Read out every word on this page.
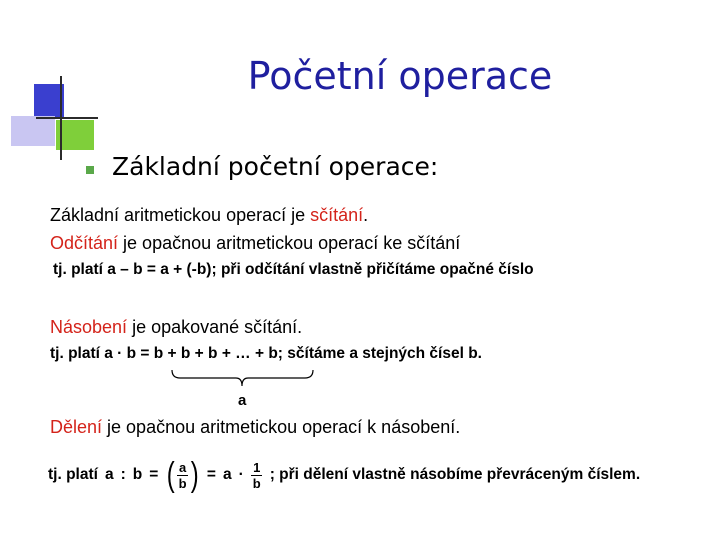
Početní operace
Základní početní operace:
Základní aritmetickou operací je sčítání.
Odčítání je opačnou aritmetickou operací ke sčítání
tj. platí a – b = a + (-b); při odčítání vlastně přičítáme opačné číslo
Násobení je opakované sčítání.
tj. platí a · b = b + b + b + … + b; sčítáme a stejných čísel b.
a
Dělení je opačnou aritmetickou operací k násobení.
tj. platí a : b = ( $\frac{a}{b}$ ) = $a \cdot \frac{1}{b}$ ; při dělení vlastně násobíme převráceným číslem.
